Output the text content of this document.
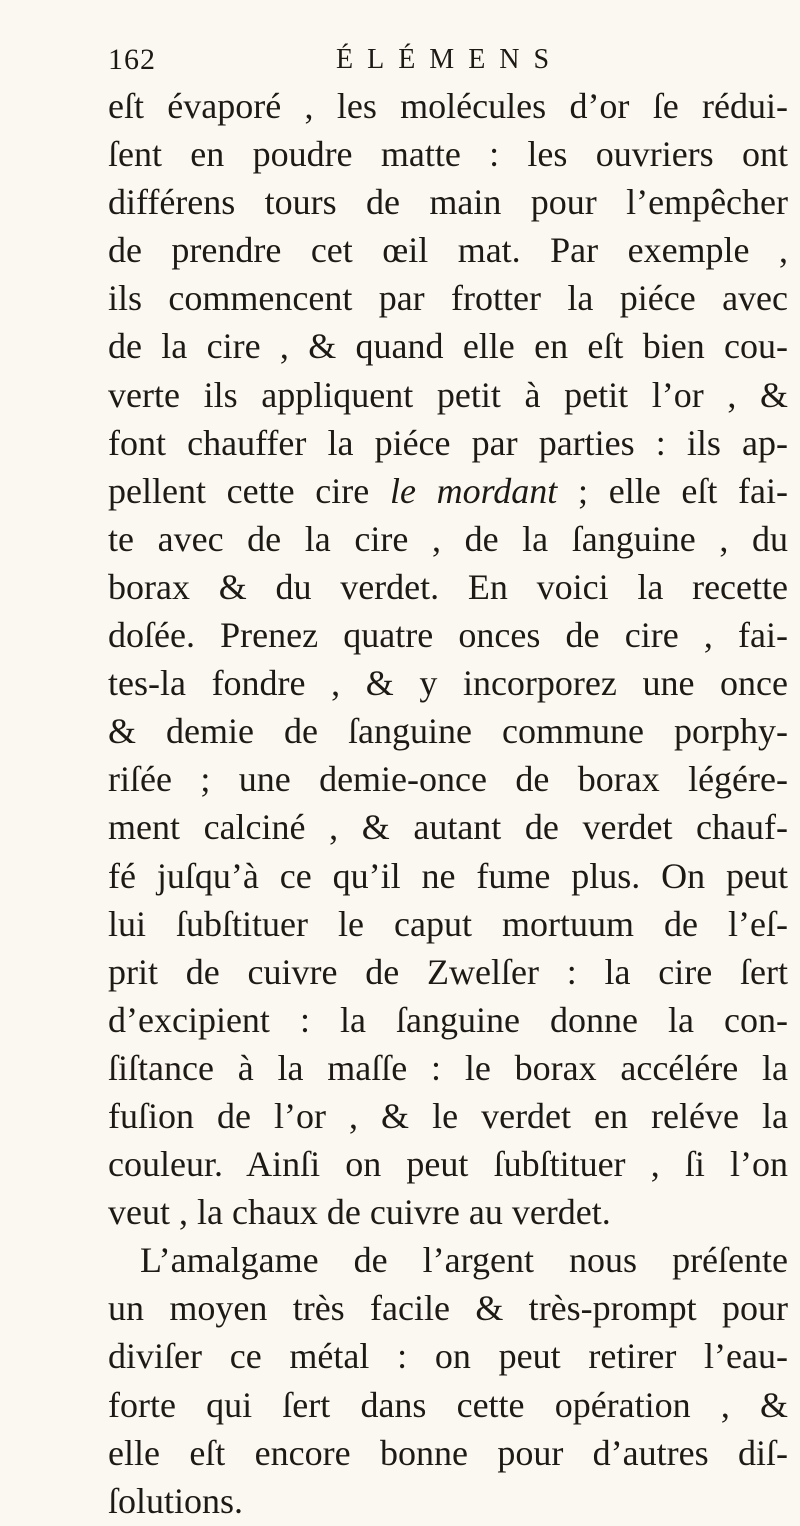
162	ÉLÉMENS
eſt évaporé , les molécules d’or ſe rédui-
ſent en poudre matte : les ouvriers ont
différens tours de main pour l’empêcher
de prendre cet œil mat. Par exemple ,
ils commencent par frotter la piéce avec
de la cire , & quand elle en eſt bien cou-
verte ils appliquent petit à petit l’or , &
font chauffer la piéce par parties : ils ap-
pellent cette cire le mordant ; elle eſt fai-
te avec de la cire , de la ſanguine , du
borax & du verdet. En voici la recette
doſée. Prenez quatre onces de cire , fai-
tes-la fondre , & y incorporez une once
& demie de ſanguine commune porphy-
riſée ; une demie-once de borax légére-
ment calciné , & autant de verdet chauf-
fé juſqu’à ce qu’il ne fume plus. On peut
lui ſubſtituer le caput mortuum de l’eſ-
prit de cuivre de Zwelſer : la cire ſert
d’excipient : la ſanguine donne la con-
ſiſtance à la maſſe : le borax accélére la
fuſion de l’or , & le verdet en reléve la
couleur. Ainſi on peut ſubſtituer , ſi l’on
veut , la chaux de cuivre au verdet.
L’amalgame de l’argent nous préſente
un moyen très facile & très-prompt pour
diviſer ce métal : on peut retirer l’eau-
forte qui ſert dans cette opération , &
elle eſt encore bonne pour d’autres diſ-
ſolutions.
